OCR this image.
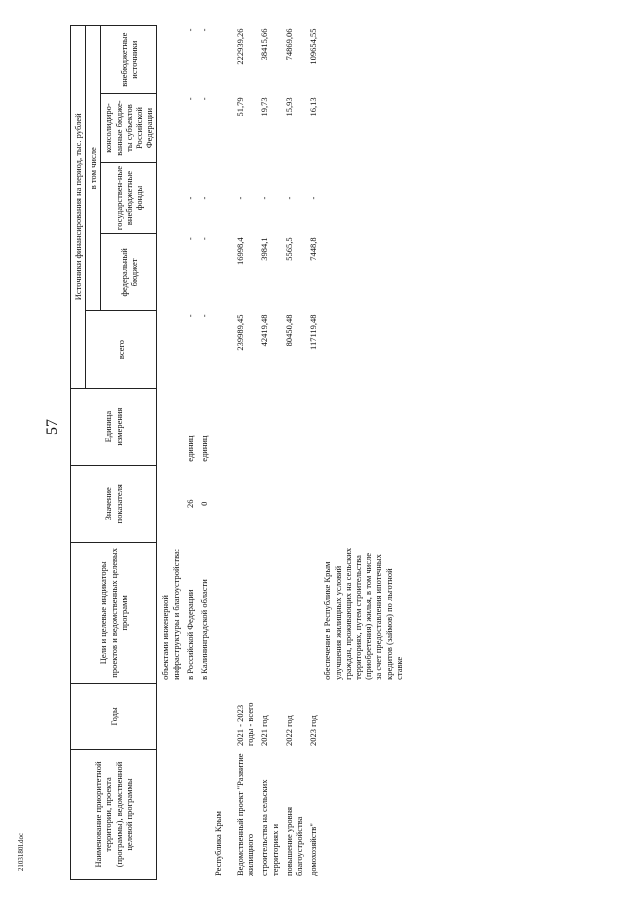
57
2103180l.doc	Наименование приоритетной территории, проекта (программы), ведомственной целевой программы	Годы	Цели и целевые индикаторы проектов и ведомственных целевых программ	Значение показателя	Единица измерения	Источники финансирования на период, тыс. рублей				
					всего	в том числе			
						федеральный бюджет	государствен-ные внебюджетные фонды	консолидиро-ванные бюдже-ты субъектов Российской Федерации	внебюджетные источники
		объектами инженерной инфраструктуры и благоустройства:							
		в Российской Федерации	26	единиц	-	-	-	-	-
		в Калининградской области	0	единиц	-	-	-	-	-
Республика Крым									
Ведомственный проект "Развитие жилищного	2021 - 2023 годы - всего				239989,45	16998,4	-	51,79	222939,26
строительства на сельских территориях и	2021 год				42419,48	3984,1	-	19,73	38415,66
повышение уровня благоустройства	2022 год				80450,48	5565,5	-	15,93	74869,06
домохозяйств"	2023 год				117119,48	7448,8	-	16,13	109654,55
		обеспечение в Республике Крым улучшения жилищных условий граждан, проживающих на сельских территориях, путем строительства (приобретения) жилья, в том числе за счет предоставления ипотечных кредитов (займов) по льготной ставке							
